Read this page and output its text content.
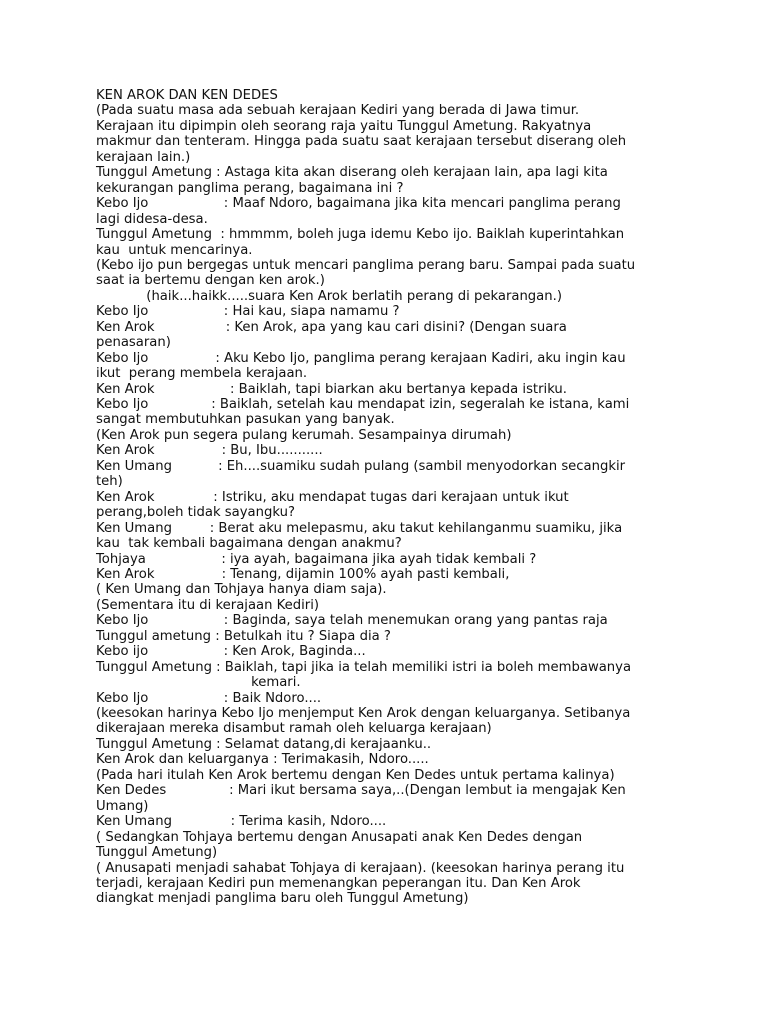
KEN AROK DAN KEN DEDES
(Pada suatu masa ada sebuah kerajaan Kediri yang berada di Jawa timur.
Kerajaan itu dipimpin oleh seorang raja yaitu Tunggul Ametung. Rakyatnya
makmur dan tenteram. Hingga pada suatu saat kerajaan tersebut diserang oleh
kerajaan lain.)
Tunggul Ametung : Astaga kita akan diserang oleh kerajaan lain, apa lagi kita
kekurangan panglima perang, bagaimana ini ?
Kebo Ijo                  : Maaf Ndoro, bagaimana jika kita mencari panglima perang
lagi didesa-desa.
Tunggul Ametung  : hmmmm, boleh juga idemu Kebo ijo. Baiklah kuperintahkan
kau  untuk mencarinya.
(Kebo ijo pun bergegas untuk mencari panglima perang baru. Sampai pada suatu
saat ia bertemu dengan ken arok.)
(haik...haikk.....suara Ken Arok berlatih perang di pekarangan.)
Kebo Ijo                  : Hai kau, siapa namamu ?
Ken Arok                 : Ken Arok, apa yang kau cari disini? (Dengan suara
penasaran)
Kebo Ijo                : Aku Kebo Ijo, panglima perang kerajaan Kadiri, aku ingin kau
ikut  perang membela kerajaan.
Ken Arok                  : Baiklah, tapi biarkan aku bertanya kepada istriku.
Kebo Ijo               : Baiklah, setelah kau mendapat izin, segeralah ke istana, kami
sangat membutuhkan pasukan yang banyak.
(Ken Arok pun segera pulang kerumah. Sesampainya dirumah)
Ken Arok                : Bu, Ibu...........
Ken Umang           : Eh....suamiku sudah pulang (sambil menyodorkan secangkir
teh)
Ken Arok              : Istriku, aku mendapat tugas dari kerajaan untuk ikut
perang,boleh tidak sayangku?
Ken Umang         : Berat aku melepasmu, aku takut kehilanganmu suamiku, jika
kau  tak kembali bagaimana dengan anakmu?
Tohjaya                  : iya ayah, bagaimana jika ayah tidak kembali ?
Ken Arok                : Tenang, dijamin 100% ayah pasti kembali,
( Ken Umang dan Tohjaya hanya diam saja).
(Sementara itu di kerajaan Kediri)
Kebo Ijo                  : Baginda, saya telah menemukan orang yang pantas raja
Tunggul ametung : Betulkah itu ? Siapa dia ?
Kebo ijo                  : Ken Arok, Baginda...
Tunggul Ametung : Baiklah, tapi jika ia telah memiliki istri ia boleh membawanya
kemari.
Kebo Ijo                  : Baik Ndoro....
(keesokan harinya Kebo Ijo menjemput Ken Arok dengan keluarganya. Setibanya
dikerajaan mereka disambut ramah oleh keluarga kerajaan)
Tunggul Ametung : Selamat datang,di kerajaanku..
Ken Arok dan keluarganya : Terimakasih, Ndoro.....
(Pada hari itulah Ken Arok bertemu dengan Ken Dedes untuk pertama kalinya)
Ken Dedes               : Mari ikut bersama saya,..(Dengan lembut ia mengajak Ken
Umang)
Ken Umang              : Terima kasih, Ndoro....
( Sedangkan Tohjaya bertemu dengan Anusapati anak Ken Dedes dengan
Tunggul Ametung)
( Anusapati menjadi sahabat Tohjaya di kerajaan). (keesokan harinya perang itu
terjadi, kerajaan Kediri pun memenangkan peperangan itu. Dan Ken Arok
diangkat menjadi panglima baru oleh Tunggul Ametung)
